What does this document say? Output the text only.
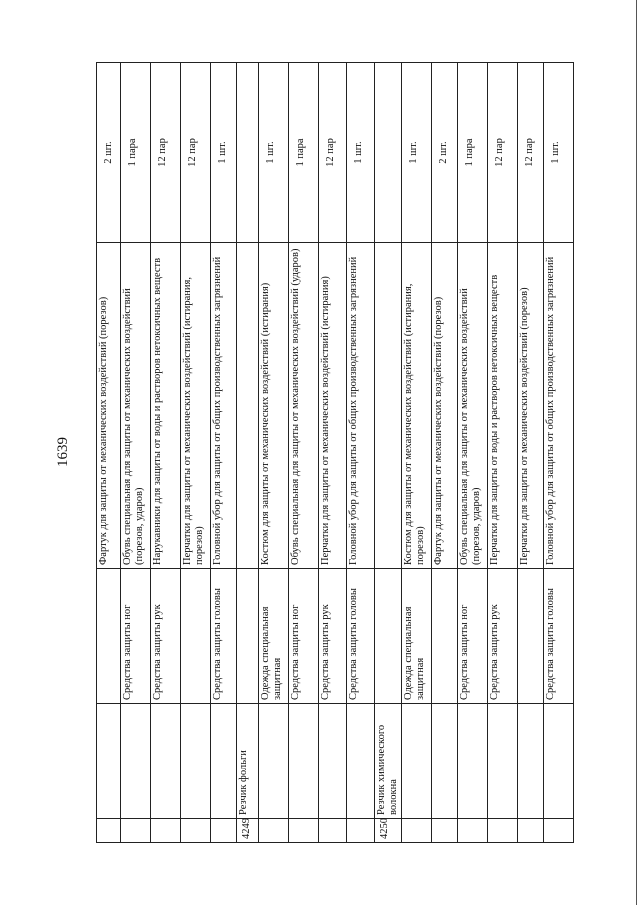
1639
				Фартук для защиты от механических воздействий (порезов)	2 шт.
		Средства защиты ног	Обувь специальная для защиты от механических воздействий (порезов, ударов)	1 пара
		Средства защиты рук	Нарукавники для защиты от воды и растворов нетоксичных веществ	12 пар
			Перчатки для защиты от механических воздействий (истирания, порезов)	12 пар
		Средства защиты головы	Головной убор для защиты от общих производственных загрязнений	1 шт.
4249	Резчик фольги			
		Одежда специальная защитная	Костюм для защиты от механических воздействий (истирания)	1 шт.
		Средства защиты ног	Обувь специальная для защиты от механических воздействий (ударов)	1 пара
		Средства защиты рук	Перчатки для защиты от механических воздействий (истирания)	12 пар
		Средства защиты головы	Головной убор для защиты от общих производственных загрязнений	1 шт.
4250	Резчик химического волокна			
		Одежда специальная защитная	Костюм для защиты от механических воздействий (истирания, порезов)	1 шт.
			Фартук для защиты от механических воздействий (порезов)	2 шт.
		Средства защиты ног	Обувь специальная для защиты от механических воздействий (порезов, ударов)	1 пара
		Средства защиты рук	Перчатки для защиты от воды и растворов нетоксичных веществ	12 пар
			Перчатки для защиты от механических воздействий (порезов)	12 пар
		Средства защиты головы	Головной убор для защиты от общих производственных загрязнений	1 шт.
